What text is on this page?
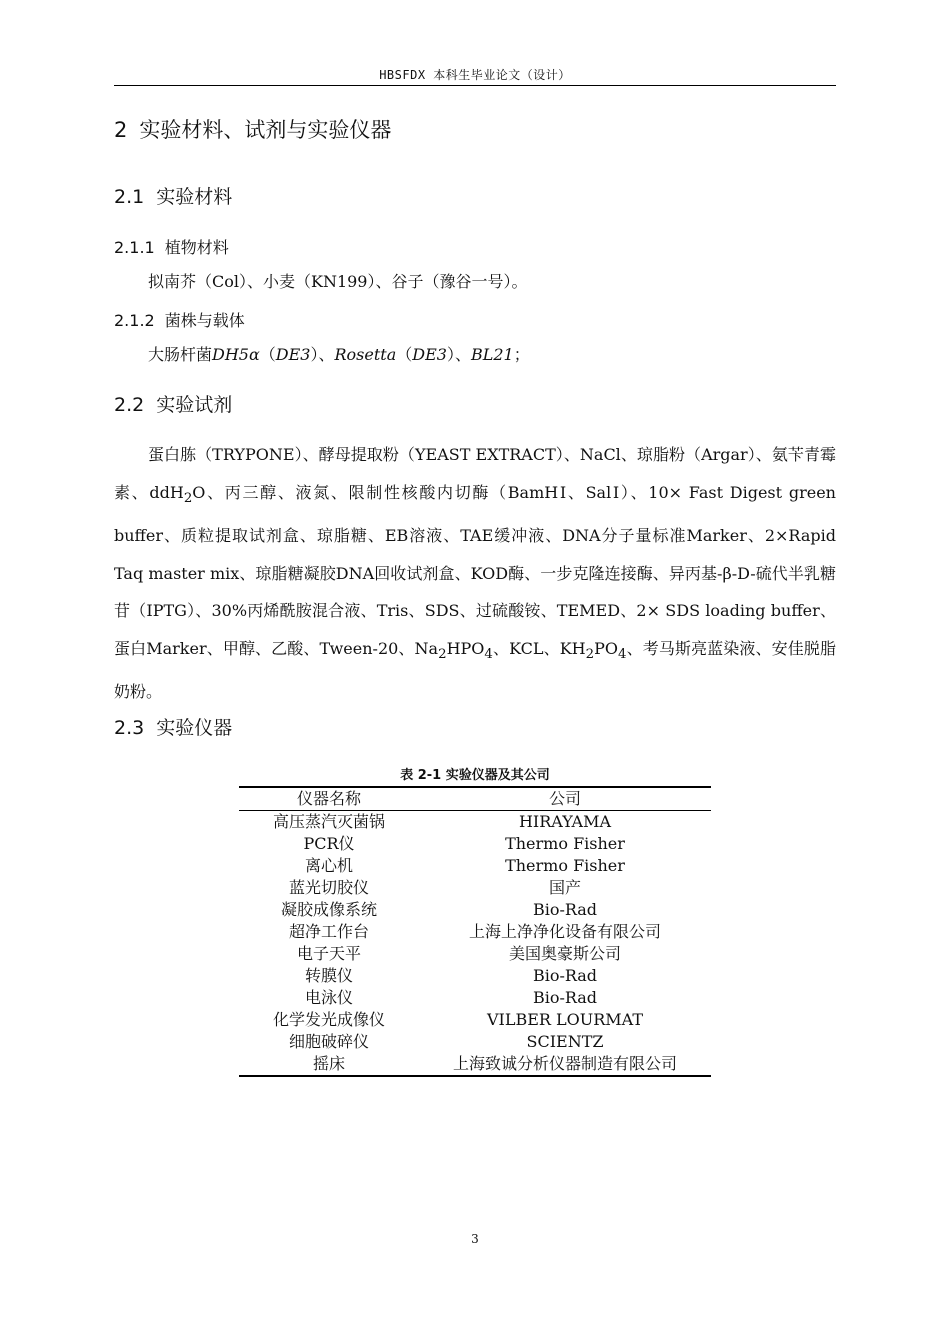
HBSFDX 本科生毕业论文（设计）
2 实验材料、试剂与实验仪器
2.1 实验材料
2.1.1 植物材料
拟南芥（Col）、小麦（KN199）、谷子（豫谷一号）。
2.1.2 菌株与载体
大肠杆菌DH5α（DE3）、Rosetta（DE3）、BL21；
2.2 实验试剂
蛋白胨（TRYPONE）、酵母提取粉（YEAST EXTRACT）、NaCl、琼脂粉（Argar）、氨苄青霉素、ddH$_2$O、丙三醇、液氮、限制性核酸内切酶（BamHⅠ、SalⅠ）、10× Fast Digest green buffer、质粒提取试剂盒、琼脂糖、EB溶液、TAE缓冲液、DNA分子量标准Marker、2×Rapid Taq master mix、琼脂糖凝胶DNA回收试剂盒、KOD酶、一步克隆连接酶、异丙基-β-D-硫代半乳糖苷（IPTG）、30%丙烯酰胺混合液、Tris、SDS、过硫酸铵、TEMED、2× SDS loading buffer、蛋白Marker、甲醇、乙酸、Tween-20、$Na_2HPO_4$、KCL、$KH_2PO_4$、考马斯亮蓝染液、安佳脱脂奶粉。
2.3 实验仪器
表 2-1 实验仪器及其公司
仪器名称	公司
高压蒸汽灭菌锅	HIRAYAMA
PCR仪	Thermo Fisher
离心机	Thermo Fisher
蓝光切胶仪	国产
凝胶成像系统	Bio-Rad
超净工作台	上海上净净化设备有限公司
电子天平	美国奥豪斯公司
转膜仪	Bio-Rad
电泳仪	Bio-Rad
化学发光成像仪	VILBER LOURMAT
细胞破碎仪	SCIENTZ
摇床	上海致诚分析仪器制造有限公司
3
